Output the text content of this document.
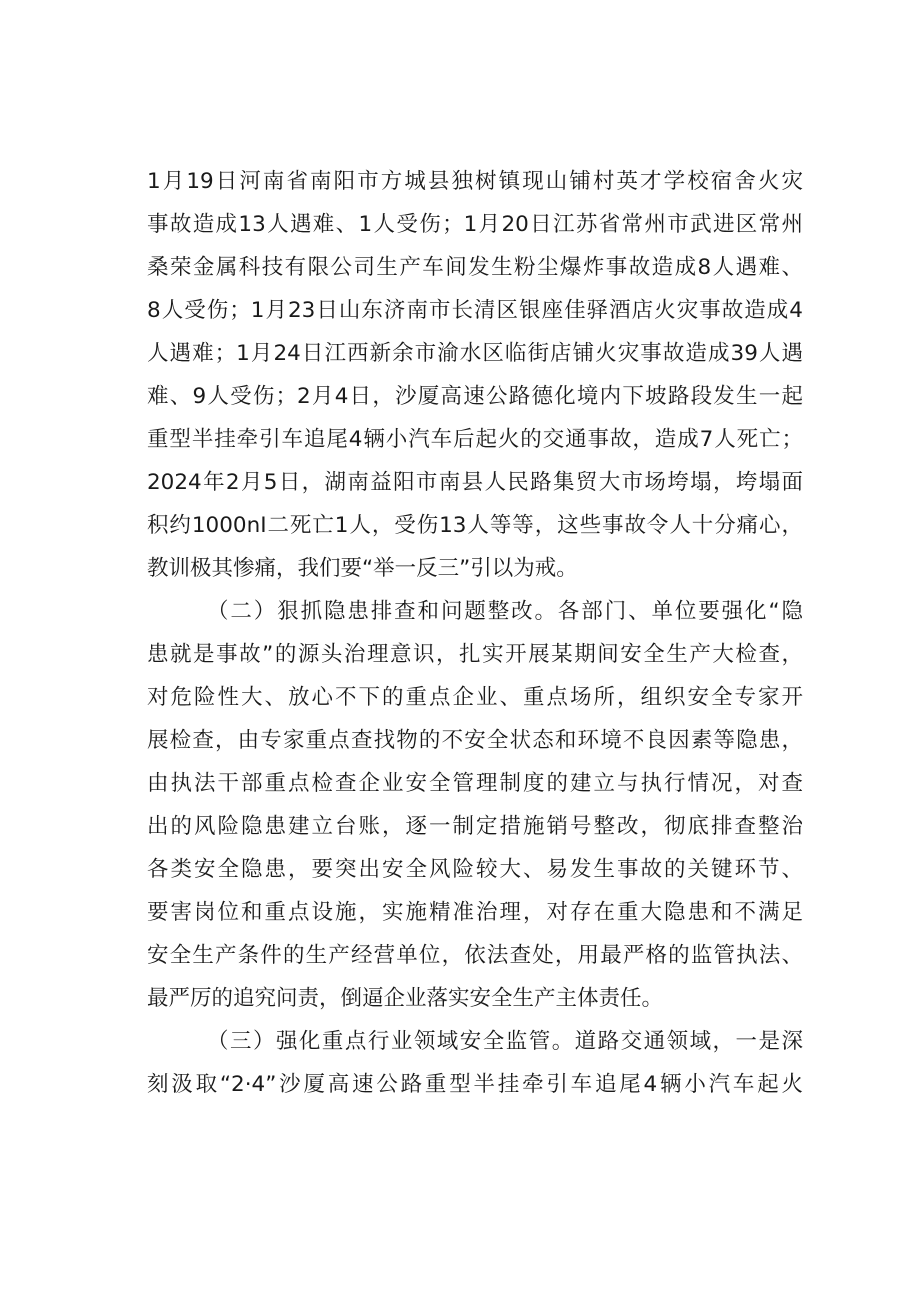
1月19日河南省南阳市方城县独树镇现山铺村英才学校宿舍火灾
事故造成13人遇难、1人受伤；1月20日江苏省常州市武进区常州
桑荣金属科技有限公司生产车间发生粉尘爆炸事故造成8人遇难、
8人受伤；1月23日山东济南市长清区银座佳驿酒店火灾事故造成4
人遇难；1月24日江西新余市渝水区临街店铺火灾事故造成39人遇
难、9人受伤；2月4日，沙厦高速公路德化境内下坡路段发生一起
重型半挂牵引车追尾4辆小汽车后起火的交通事故，造成7人死亡；
2024年2月5日，湖南益阳市南县人民路集贸大市场垮塌，垮塌面
积约1000nI二死亡1人，受伤13人等等，这些事故令人十分痛心，
教训极其惨痛，我们要“举一反三”引以为戒。
（二）狠抓隐患排查和问题整改。各部门、单位要强化“隐
患就是事故”的源头治理意识，扎实开展某期间安全生产大检查，
对危险性大、放心不下的重点企业、重点场所，组织安全专家开
展检查，由专家重点查找物的不安全状态和环境不良因素等隐患，
由执法干部重点检查企业安全管理制度的建立与执行情况，对查
出的风险隐患建立台账，逐一制定措施销号整改，彻底排查整治
各类安全隐患，要突出安全风险较大、易发生事故的关键环节、
要害岗位和重点设施，实施精准治理，对存在重大隐患和不满足
安全生产条件的生产经营单位，依法查处，用最严格的监管执法、
最严厉的追究问责，倒逼企业落实安全生产主体责任。
（三）强化重点行业领域安全监管。道路交通领域，一是深
刻汲取“2·4”沙厦高速公路重型半挂牵引车追尾4辆小汽车起火
